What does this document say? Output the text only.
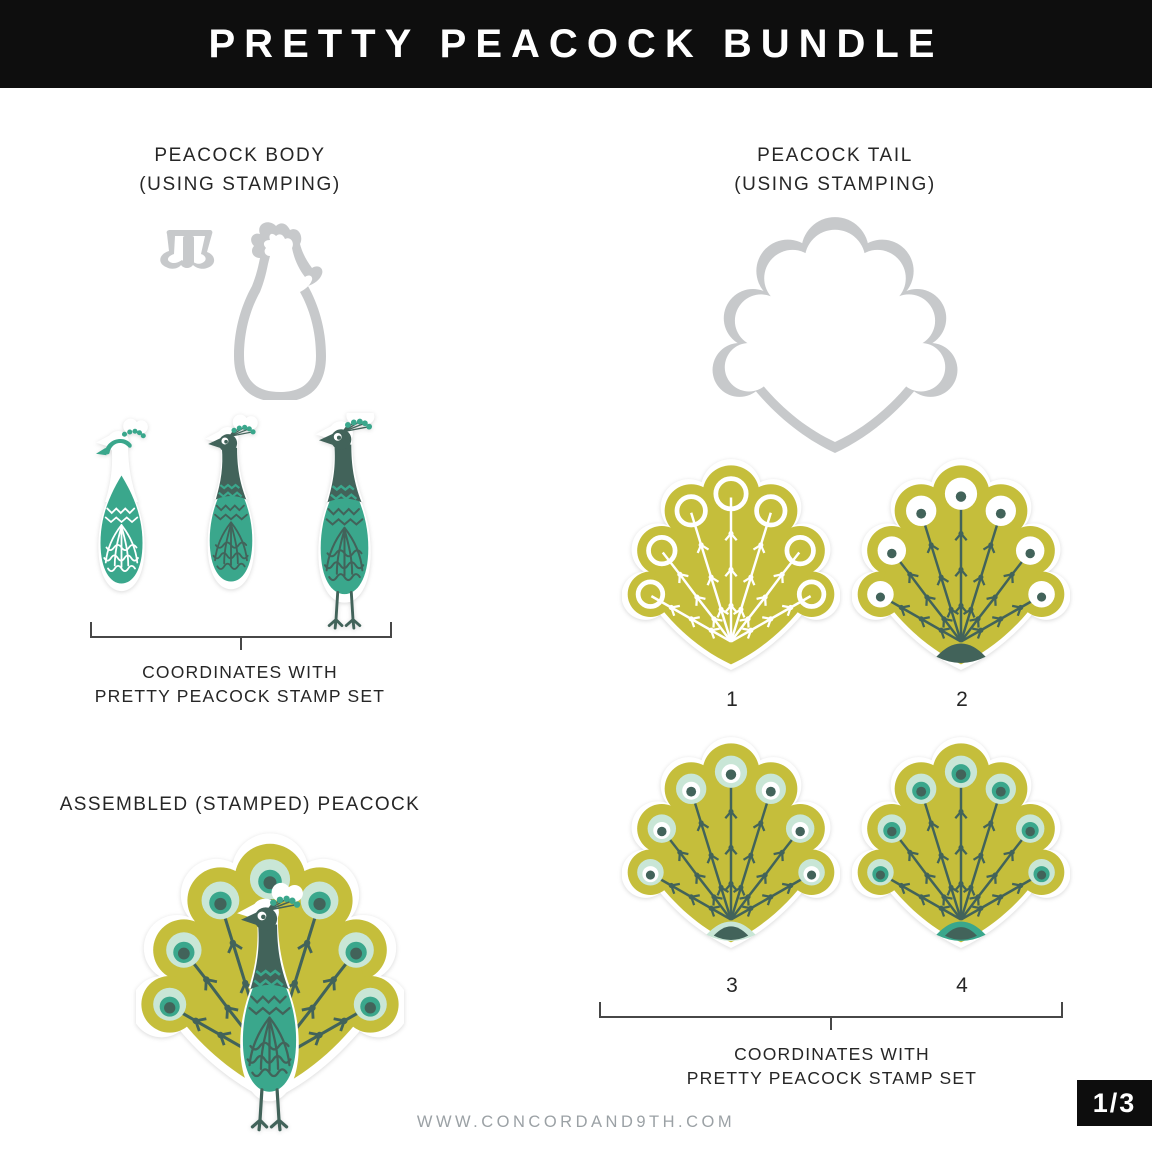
PRETTY PEACOCK BUNDLE
PEACOCK BODY
(USING STAMPING)
COORDINATES WITH
PRETTY PEACOCK STAMP SET
ASSEMBLED (STAMPED) PEACOCK
PEACOCK TAIL
(USING STAMPING)
1	2
3	4
COORDINATES WITH
PRETTY PEACOCK STAMP SET
WWW.CONCORDAND9TH.COM
1/3
